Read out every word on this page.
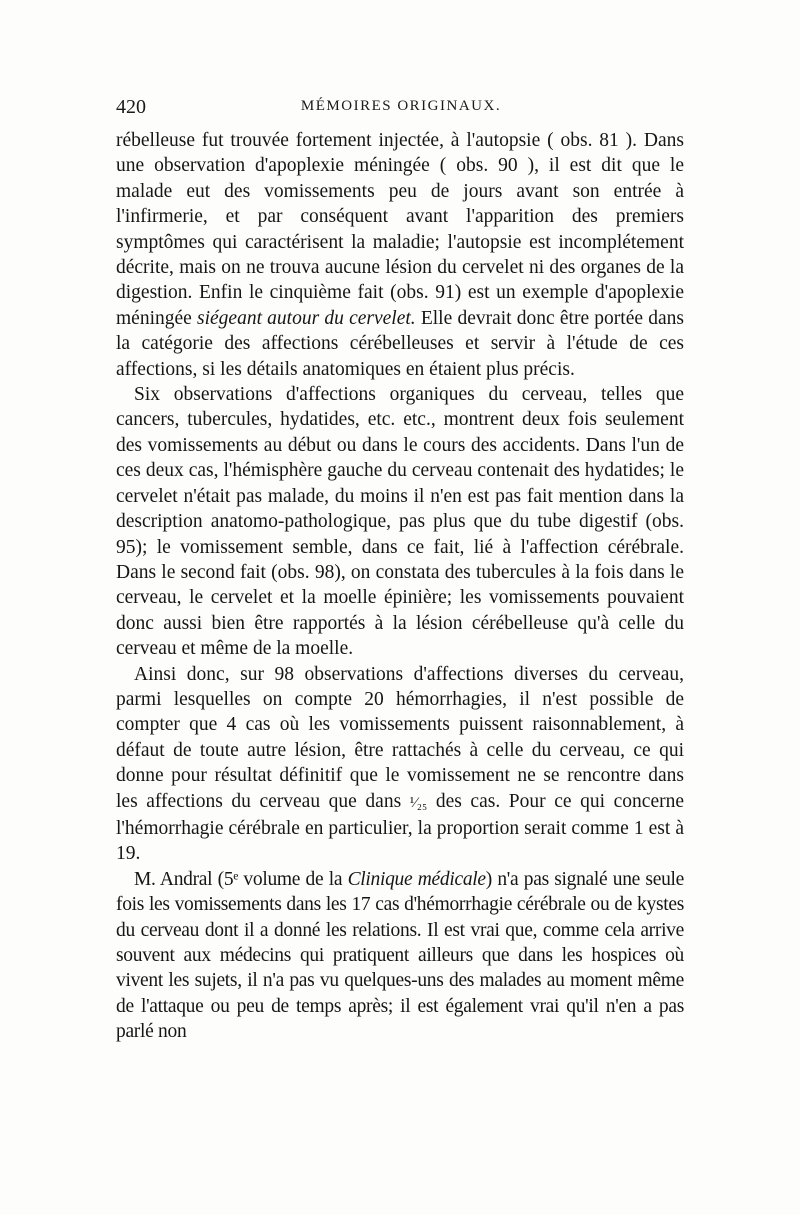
420	MÉMOIRES ORIGINAUX.

rébelleuse fut trouvée fortement injectée, à l'autopsie ( obs. 81 ). Dans une observation d'apoplexie méningée ( obs. 90 ), il est dit que le malade eut des vomissements peu de jours avant son entrée à l'infirmerie, et par conséquent avant l'apparition des premiers symptômes qui caractérisent la maladie; l'autopsie est incomplétement décrite, mais on ne trouva aucune lésion du cervelet ni des organes de la digestion. Enfin le cinquième fait (obs. 91) est un exemple d'apoplexie méningée siégeant autour du cervelet. Elle devrait donc être portée dans la catégorie des affections cérébelleuses et servir à l'étude de ces affections, si les détails anatomiques en étaient plus précis.

Six observations d'affections organiques du cerveau, telles que cancers, tubercules, hydatides, etc. etc., montrent deux fois seulement des vomissements au début ou dans le cours des accidents. Dans l'un de ces deux cas, l'hémisphère gauche du cerveau contenait des hydatides; le cervelet n'était pas malade, du moins il n'en est pas fait mention dans la description anatomo-pathologique, pas plus que du tube digestif (obs. 95); le vomissement semble, dans ce fait, lié à l'affection cérébrale. Dans le second fait (obs. 98), on constata des tubercules à la fois dans le cerveau, le cervelet et la moelle épinière; les vomissements pouvaient donc aussi bien être rapportés à la lésion cérébelleuse qu'à celle du cerveau et même de la moelle.

Ainsi donc, sur 98 observations d'affections diverses du cerveau, parmi lesquelles on compte 20 hémorrhagies, il n'est possible de compter que 4 cas où les vomissements puissent raisonnablement, à défaut de toute autre lésion, être rattachés à celle du cerveau, ce qui donne pour résultat définitif que le vomissement ne se rencontre dans les affections du cerveau que dans ¹⁄₂₅ des cas. Pour ce qui concerne l'hémorrhagie cérébrale en particulier, la proportion serait comme 1 est à 19.

M. Andral (5ᵉ volume de la Clinique médicale) n'a pas signalé une seule fois les vomissements dans les 17 cas d'hémorrhagie cérébrale ou de kystes du cerveau dont il a donné les relations. Il est vrai que, comme cela arrive souvent aux médecins qui pratiquent ailleurs que dans les hospices où vivent les sujets, il n'a pas vu quelques-uns des malades au moment même de l'attaque ou peu de temps après; il est également vrai qu'il n'en a pas parlé non
